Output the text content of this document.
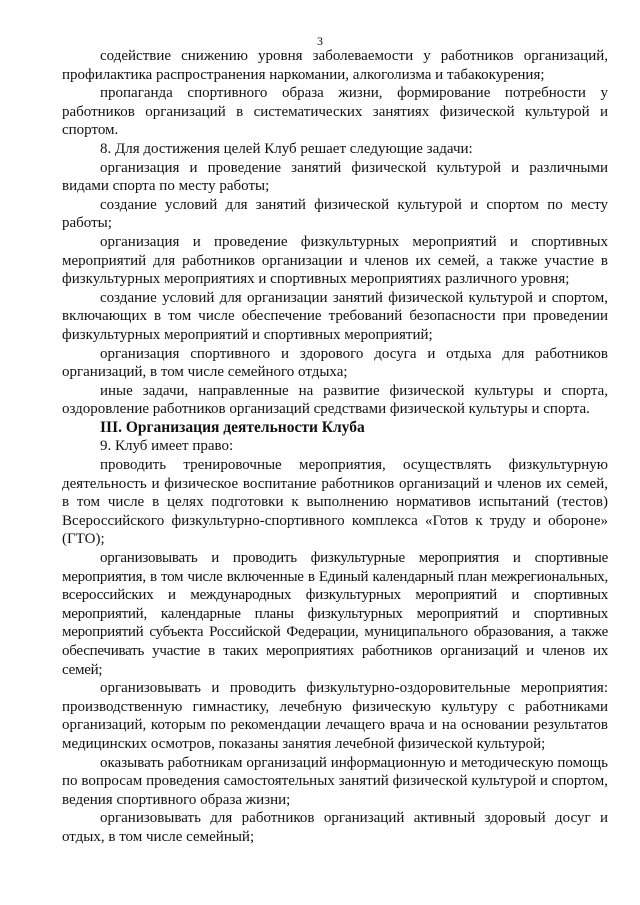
3

содействие снижению уровня заболеваемости у работников организаций, профилактика распространения наркомании, алкоголизма и табакокурения;

пропаганда спортивного образа жизни, формирование потребности у работников организаций в систематических занятиях физической культурой и спортом.

8. Для достижения целей Клуб решает следующие задачи:

организация и проведение занятий физической культурой и различными видами спорта по месту работы;

создание условий для занятий физической культурой и спортом по месту работы;

организация и проведение физкультурных мероприятий и спортивных мероприятий для работников организации и членов их семей, а также участие в физкультурных мероприятиях и спортивных мероприятиях различного уровня;

создание условий для организации занятий физической культурой и спортом, включающих в том числе обеспечение требований безопасности при проведении физкультурных мероприятий и спортивных мероприятий;

организация спортивного и здорового досуга и отдыха для работников организаций, в том числе семейного отдыха;

иные задачи, направленные на развитие физической культуры и спорта, оздоровление работников организаций средствами физической культуры и спорта.

III. Организация деятельности Клуба

9. Клуб имеет право:

проводить тренировочные мероприятия, осуществлять физкультурную деятельность и физическое воспитание работников организаций и членов их семей, в том числе в целях подготовки к выполнению нормативов испытаний (тестов) Всероссийского физкультурно-спортивного комплекса «Готов к труду и обороне» (ГТО);

организовывать и проводить физкультурные мероприятия и спортивные мероприятия, в том числе включенные в Единый календарный план межрегиональных, всероссийских и международных физкультурных мероприятий и спортивных мероприятий, календарные планы физкультурных мероприятий и спортивных мероприятий субъекта Российской Федерации, муниципального образования, а также обеспечивать участие в таких мероприятиях работников организаций и членов их семей;

организовывать и проводить физкультурно-оздоровительные мероприятия: производственную гимнастику, лечебную физическую культуру с работниками организаций, которым по рекомендации лечащего врача и на основании результатов медицинских осмотров, показаны занятия лечебной физической культурой;

оказывать работникам организаций информационную и методическую помощь по вопросам проведения самостоятельных занятий физической культурой и спортом, ведения спортивного образа жизни;

организовывать для работников организаций активный здоровый досуг и отдых, в том числе семейный;
